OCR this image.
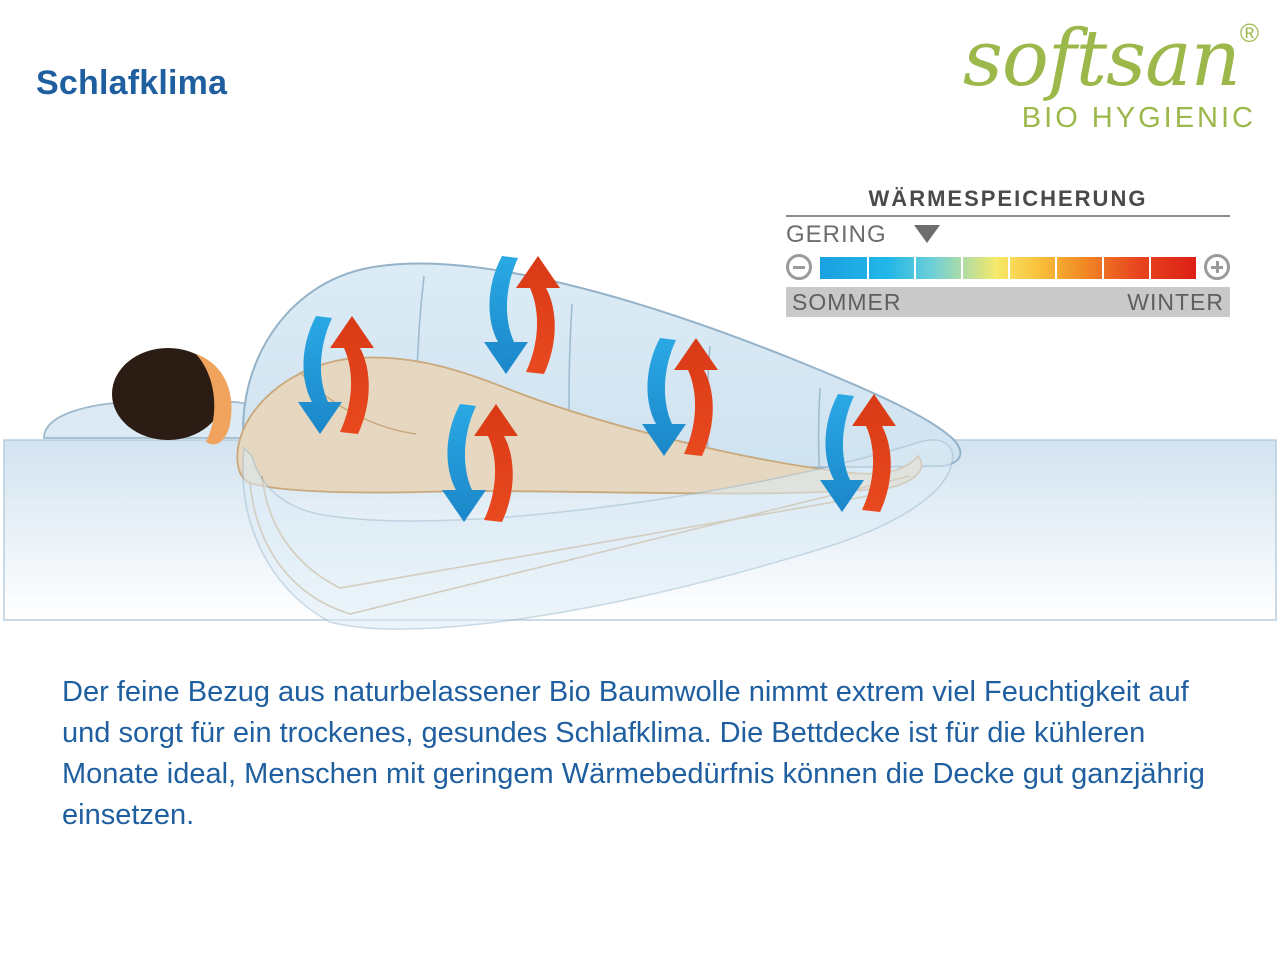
Schlafklima	softsan®
BIO HYGIENIC
WÄRMESPEICHERUNG
GERING
SOMMER	WINTER
Der feine Bezug aus naturbelassener Bio Baumwolle nimmt extrem viel Feuchtigkeit auf und sorgt für ein trockenes, gesundes Schlafklima. Die Bettdecke ist für die kühleren Monate ideal, Menschen mit geringem Wärmebedürfnis können die Decke gut ganzjährig einsetzen.
